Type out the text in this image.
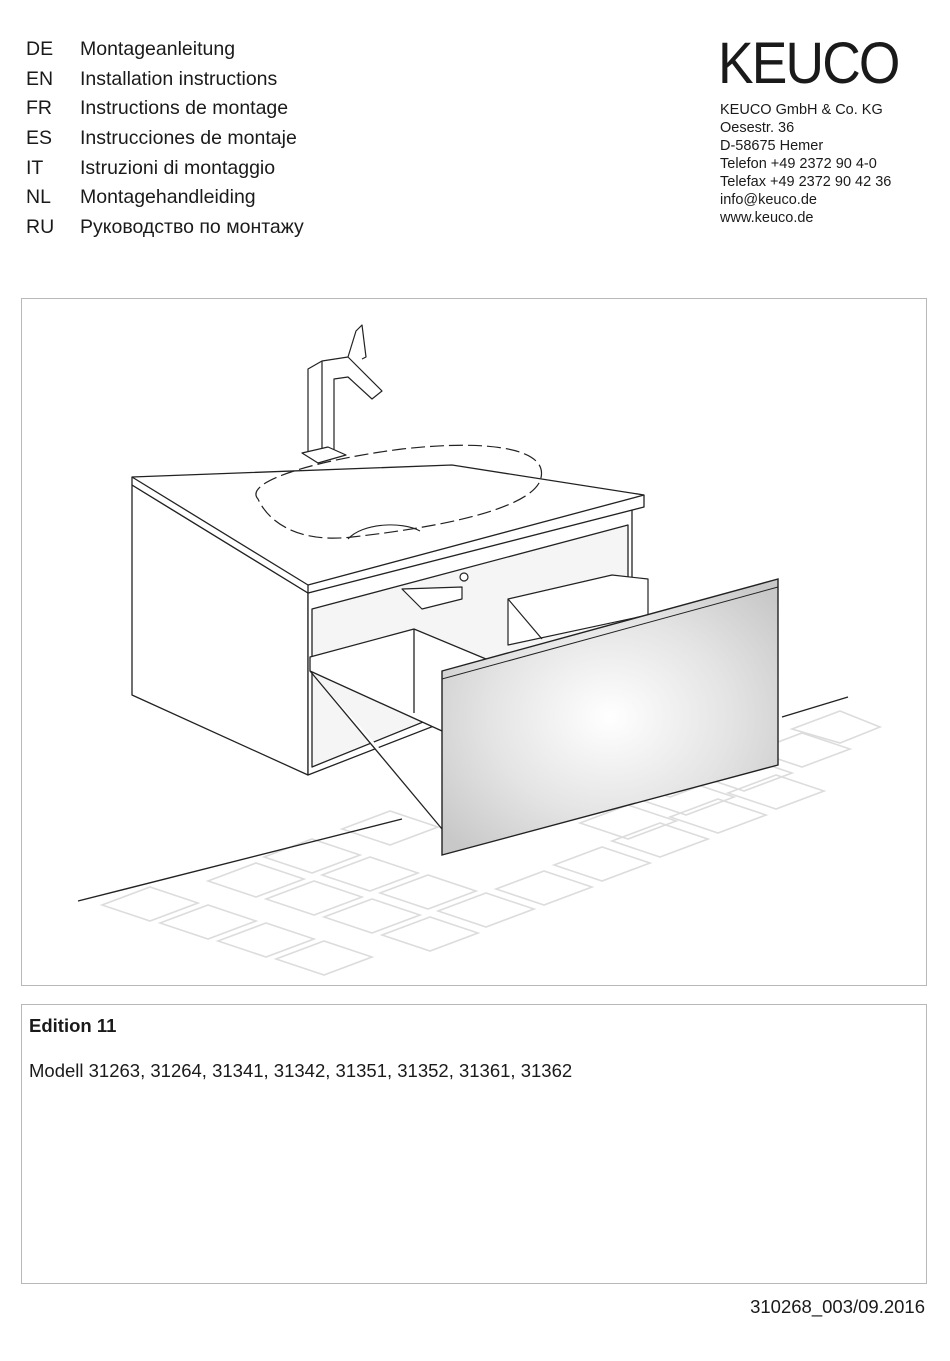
DE Montageanleitung
EN Installation instructions
FR Instructions de montage
ES Instrucciones de montaje
IT Istruzioni di montaggio
NL Montagehandleiding
RU Руководство по монтажу
KEUCO
KEUCO GmbH & Co. KG
Oesestr. 36
D-58675 Hemer
Telefon +49 2372 90 4-0
Telefax +49 2372 90 42 36
info@keuco.de
www.keuco.de
Edition 11
Modell 31263, 31264, 31341, 31342, 31351, 31352, 31361, 31362
310268_003/09.2016
